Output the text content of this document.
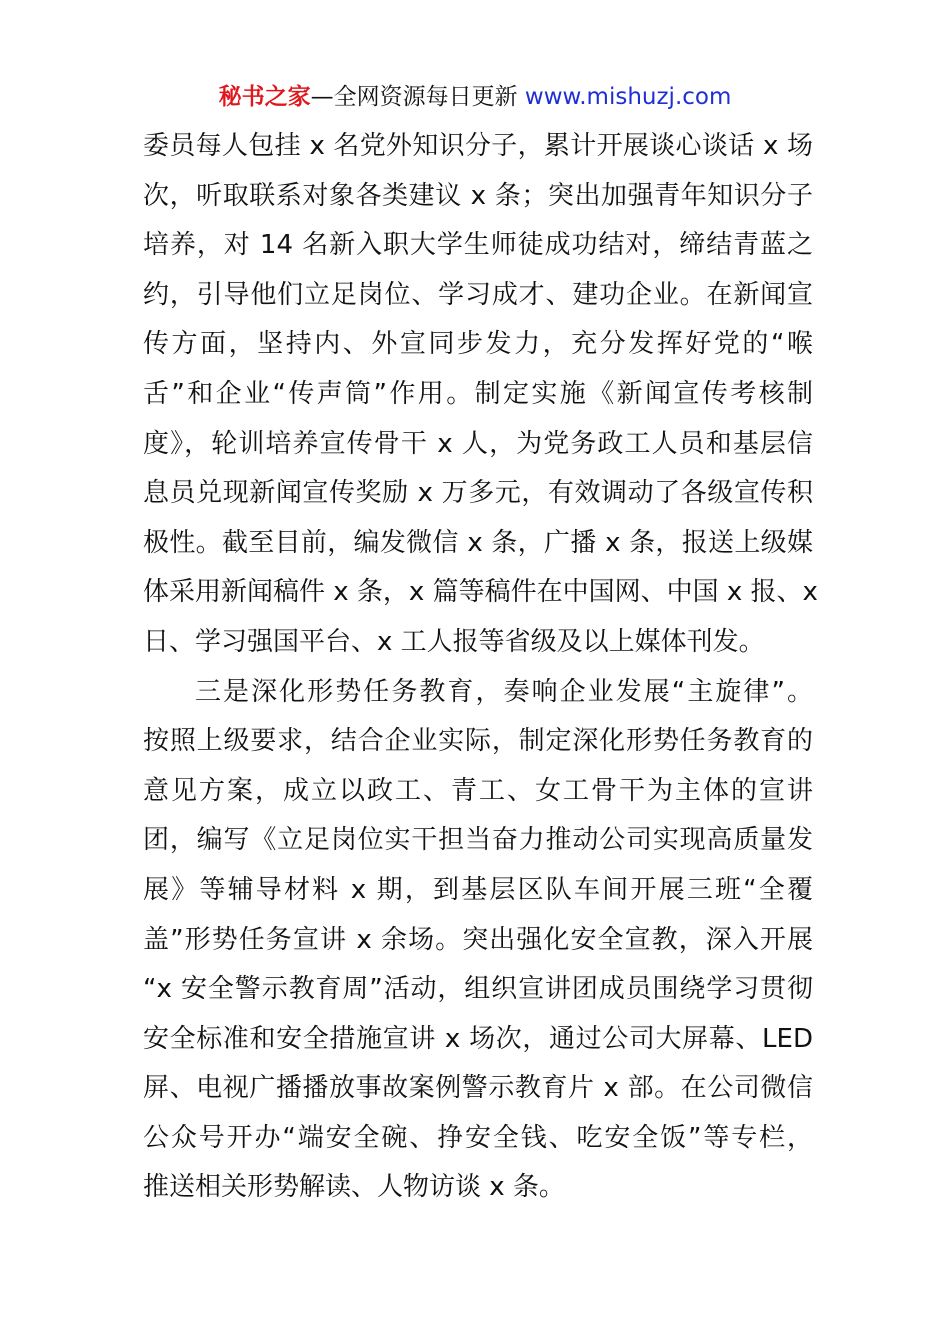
秘书之家—全网资源每日更新 www.mishuzj.com
委员每人包挂 x 名党外知识分子，累计开展谈心谈话 x 场
次，听取联系对象各类建议 x 条；突出加强青年知识分子
培养，对 14 名新入职大学生师徒成功结对，缔结青蓝之
约，引导他们立足岗位、学习成才、建功企业。在新闻宣
传方面，坚持内、外宣同步发力，充分发挥好党的“喉
舌”和企业“传声筒”作用。制定实施《新闻宣传考核制
度》，轮训培养宣传骨干 x 人，为党务政工人员和基层信
息员兑现新闻宣传奖励 x 万多元，有效调动了各级宣传积
极性。截至目前，编发微信 x 条，广播 x 条，报送上级媒
体采用新闻稿件 x 条，x 篇等稿件在中国网、中国 x 报、x
日、学习强国平台、x 工人报等省级及以上媒体刊发。
三是深化形势任务教育，奏响企业发展“主旋律”。
按照上级要求，结合企业实际，制定深化形势任务教育的
意见方案，成立以政工、青工、女工骨干为主体的宣讲
团，编写《立足岗位实干担当奋力推动公司实现高质量发
展》等辅导材料 x 期，到基层区队车间开展三班“全覆
盖”形势任务宣讲 x 余场。突出强化安全宣教，深入开展
“x 安全警示教育周”活动，组织宣讲团成员围绕学习贯彻
安全标准和安全措施宣讲 x 场次，通过公司大屏幕、LED
屏、电视广播播放事故案例警示教育片 x 部。在公司微信
公众号开办“端安全碗、挣安全钱、吃安全饭”等专栏，
推送相关形势解读、人物访谈 x 条。
